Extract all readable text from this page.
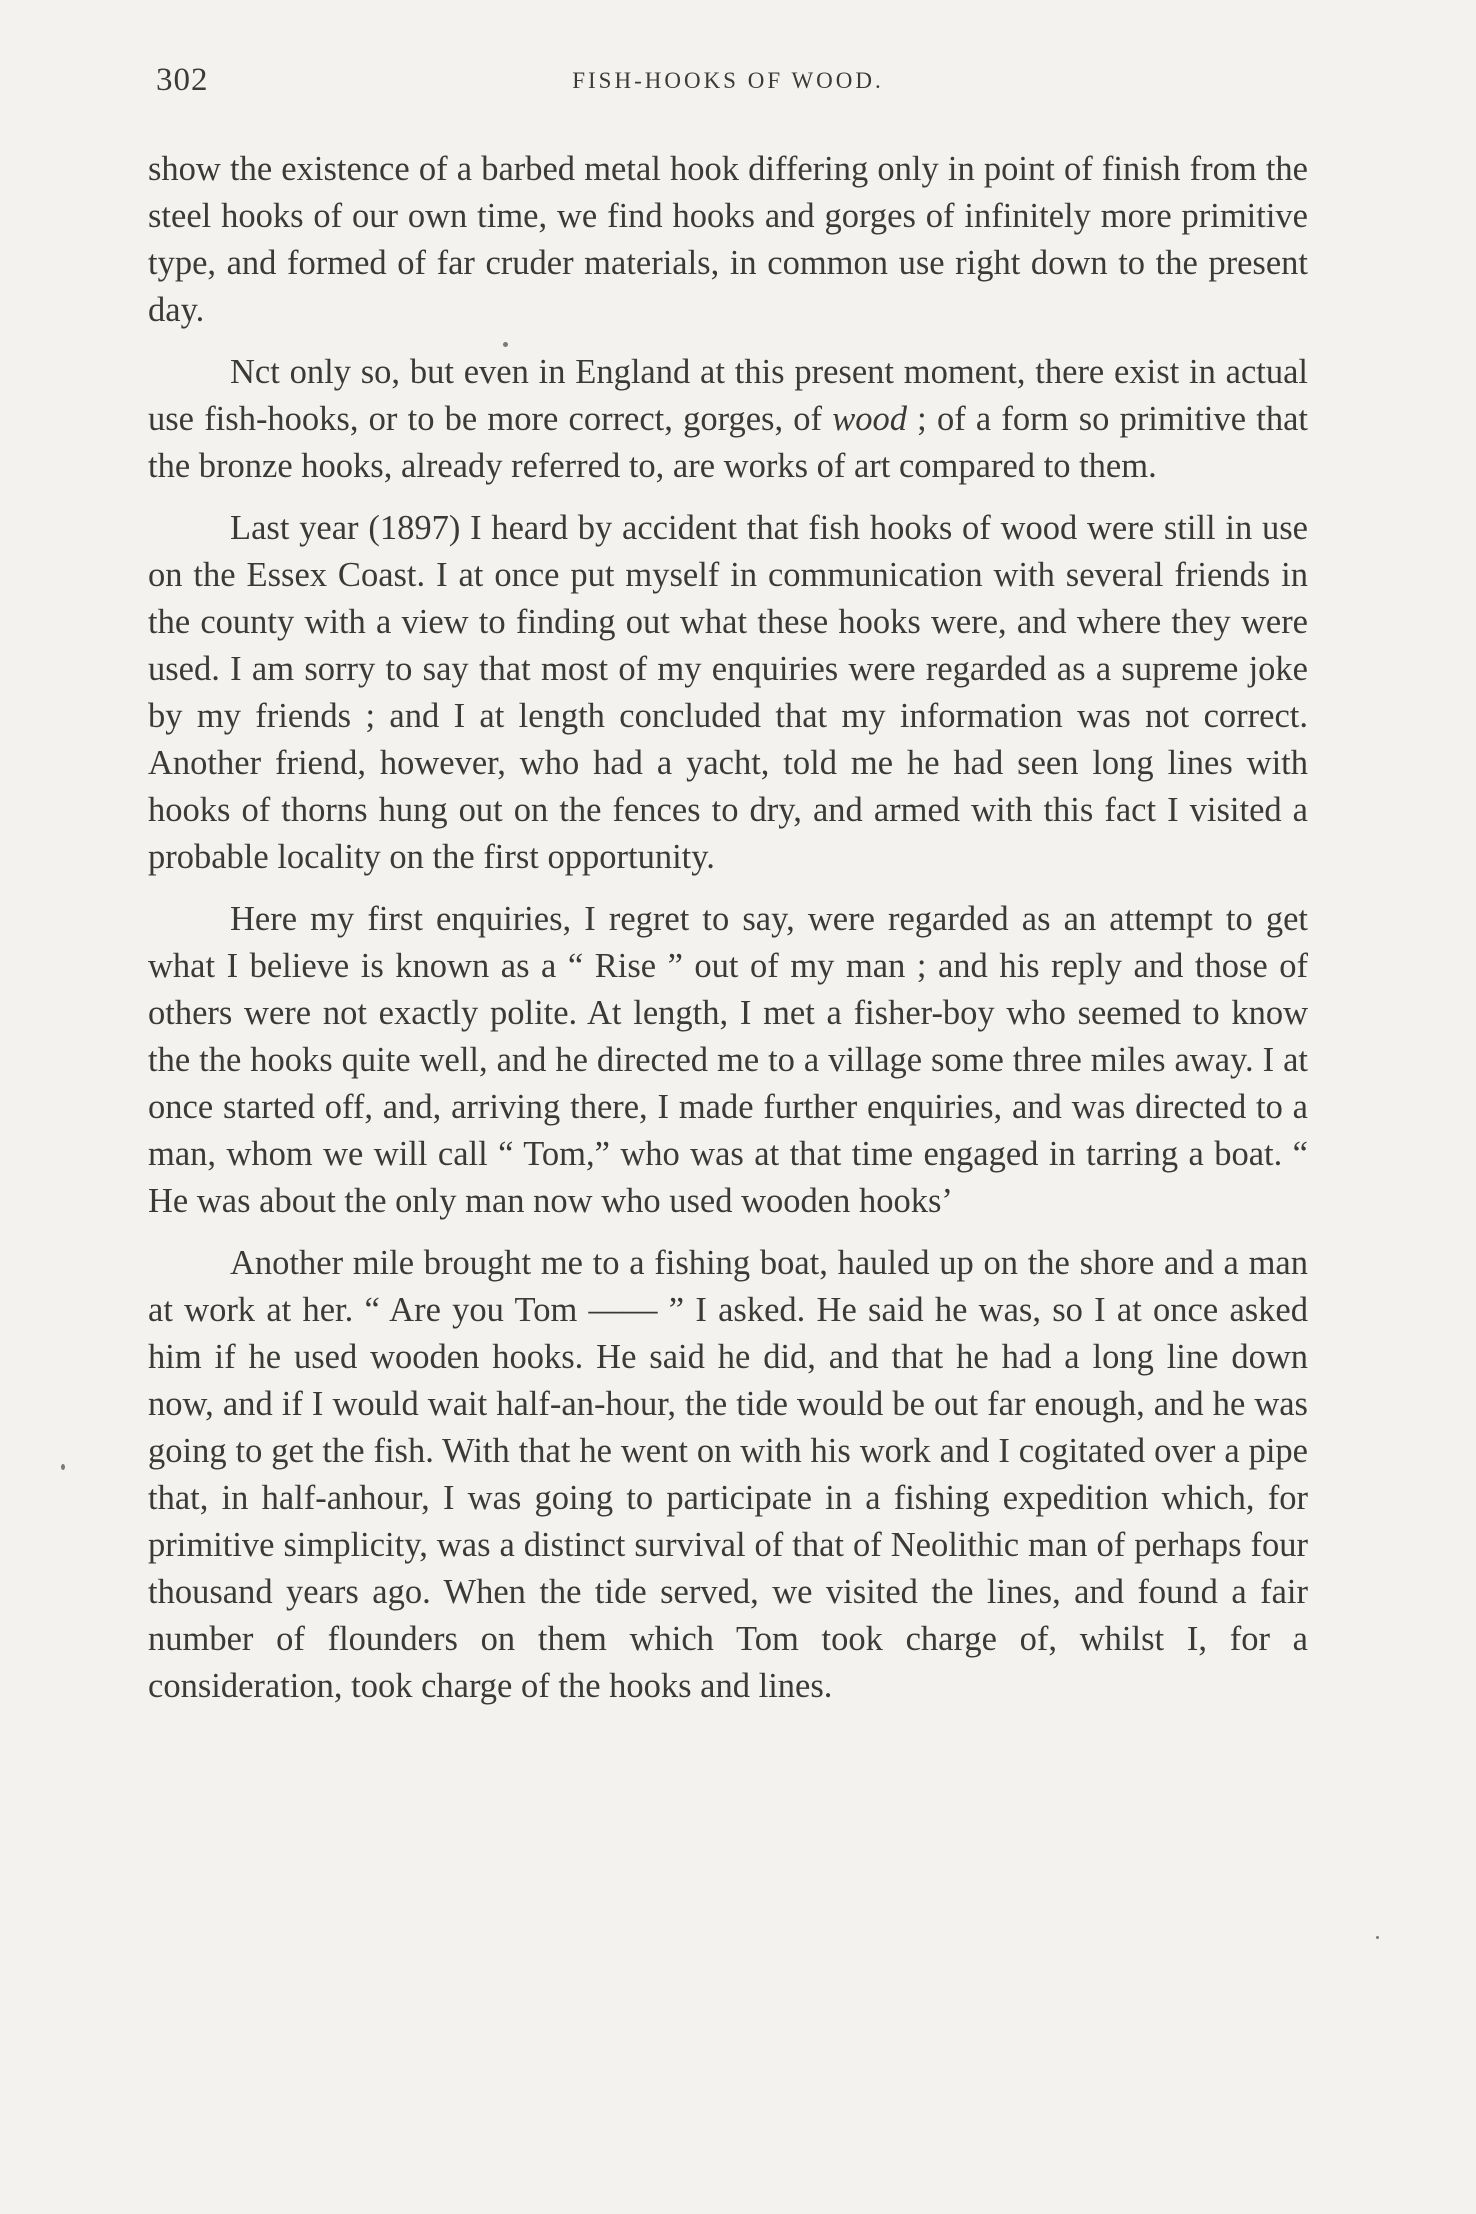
302	FISH-HOOKS OF WOOD.

show the existence of a barbed metal hook differing only in point of finish from the steel hooks of our own time, we find hooks and gorges of infinitely more primitive type, and formed of far cruder materials, in common use right down to the present day.

Nct only so, but even in England at this present moment, there exist in actual use fish-hooks, or to be more correct, gorges, of wood ; of a form so primitive that the bronze hooks, already referred to, are works of art compared to them.

Last year (1897) I heard by accident that fish hooks of wood were still in use on the Essex Coast. I at once put myself in communication with several friends in the county with a view to finding out what these hooks were, and where they were used. I am sorry to say that most of my enquiries were regarded as a supreme joke by my friends ; and I at length concluded that my information was not correct. Another friend, however, who had a yacht, told me he had seen long lines with hooks of thorns hung out on the fences to dry, and armed with this fact I visited a probable locality on the first opportunity.

Here my first enquiries, I regret to say, were regarded as an attempt to get what I believe is known as a “ Rise ” out of my man ; and his reply and those of others were not exactly polite. At length, I met a fisher-boy who seemed to know the the hooks quite well, and he directed me to a village some three miles away. I at once started off, and, arriving there, I made further enquiries, and was directed to a man, whom we will call “ Tom,” who was at that time engaged in tarring a boat. “ He was about the only man now who used wooden hooks’

Another mile brought me to a fishing boat, hauled up on the shore and a man at work at her. “ Are you Tom —— ” I asked. He said he was, so I at once asked him if he used wooden hooks. He said he did, and that he had a long line down now, and if I would wait half-an-hour, the tide would be out far enough, and he was going to get the fish. With that he went on with his work and I cogitated over a pipe that, in half-anhour, I was going to participate in a fishing expedition which, for primitive simplicity, was a distinct survival of that of Neolithic man of perhaps four thousand years ago. When the tide served, we visited the lines, and found a fair number of flounders on them which Tom took charge of, whilst I, for a consideration, took charge of the hooks and lines.
